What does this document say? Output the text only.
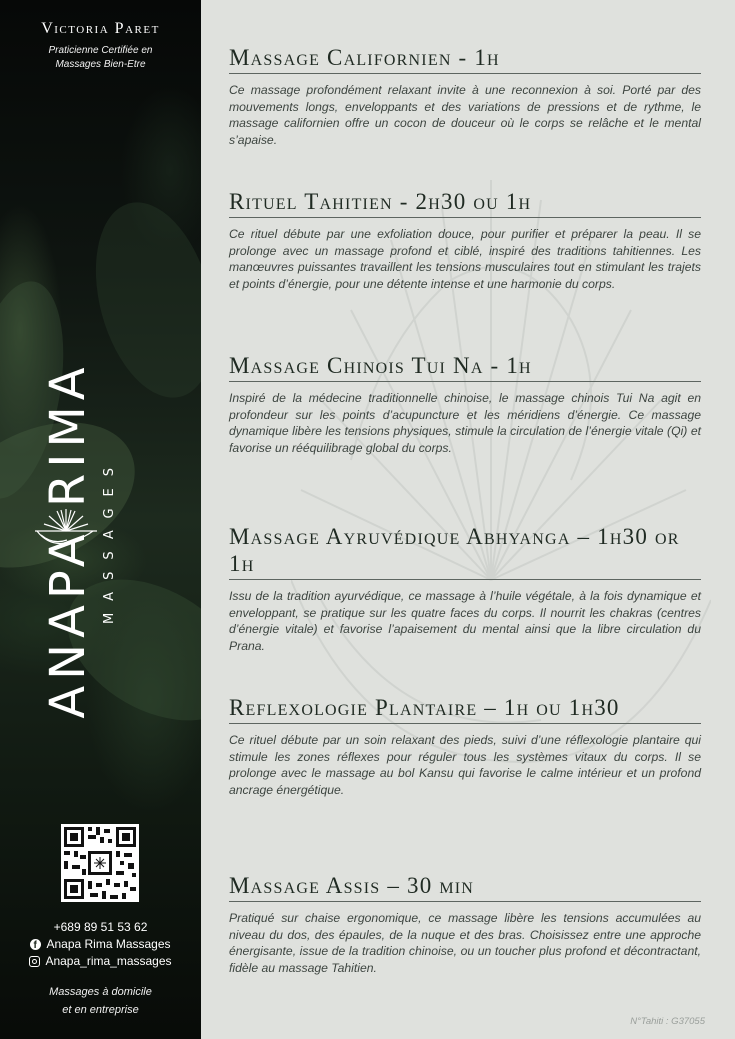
Victoria Paret
Praticienne Certifiée en
Massages Bien-Etre
ANAPA RIMA MASSAGES
+689 89 51 53 62
f
Anapa Rima Massages
Anapa_rima_massages
Massages à domicile
et en entreprise
Massage Californien - 1h

Ce massage profondément relaxant invite à une reconnexion à soi. Porté par des mouvements longs, enveloppants et des variations de pressions et de rythme, le massage californien offre un cocon de douceur où le corps se relâche et le mental s’apaise.

Rituel Tahitien - 2h30 ou 1h

Ce rituel débute par une exfoliation douce, pour purifier et préparer la peau. Il se prolonge avec un massage profond et ciblé, inspiré des traditions tahitiennes. Les manœuvres puissantes travaillent les tensions musculaires tout en stimulant les trajets et points d’énergie, pour une détente intense et une harmonie du corps.

Massage Chinois Tui Na - 1h

Inspiré de la médecine traditionnelle chinoise, le massage chinois Tui Na agit en profondeur sur les points d’acupuncture et les méridiens d’énergie. Ce massage dynamique libère les tensions physiques, stimule la circulation de l’énergie vitale (Qi) et favorise un rééquilibrage global du corps.

Massage Ayruvédique Abhyanga – 1h30 or 1h

Issu de la tradition ayurvédique, ce massage à l’huile végétale, à la fois dynamique et enveloppant, se pratique sur les quatre faces du corps. Il nourrit les chakras (centres d’énergie vitale) et favorise l’apaisement du mental ainsi que la libre circulation du Prana.

Reflexologie Plantaire – 1h ou 1h30

Ce rituel débute par un soin relaxant des pieds, suivi d’une réflexologie plantaire qui stimule les zones réflexes pour réguler tous les systèmes vitaux du corps. Il se prolonge avec le massage au bol Kansu qui favorise le calme intérieur et un profond ancrage énergétique.

Massage Assis – 30 min

Pratiqué sur chaise ergonomique, ce massage libère les tensions accumulées au niveau du dos, des épaules, de la nuque et des bras. Choisissez entre une approche énergisante, issue de la tradition chinoise, ou un toucher plus profond et décontractant, fidèle au massage Tahitien.

N°Tahiti : G37055
